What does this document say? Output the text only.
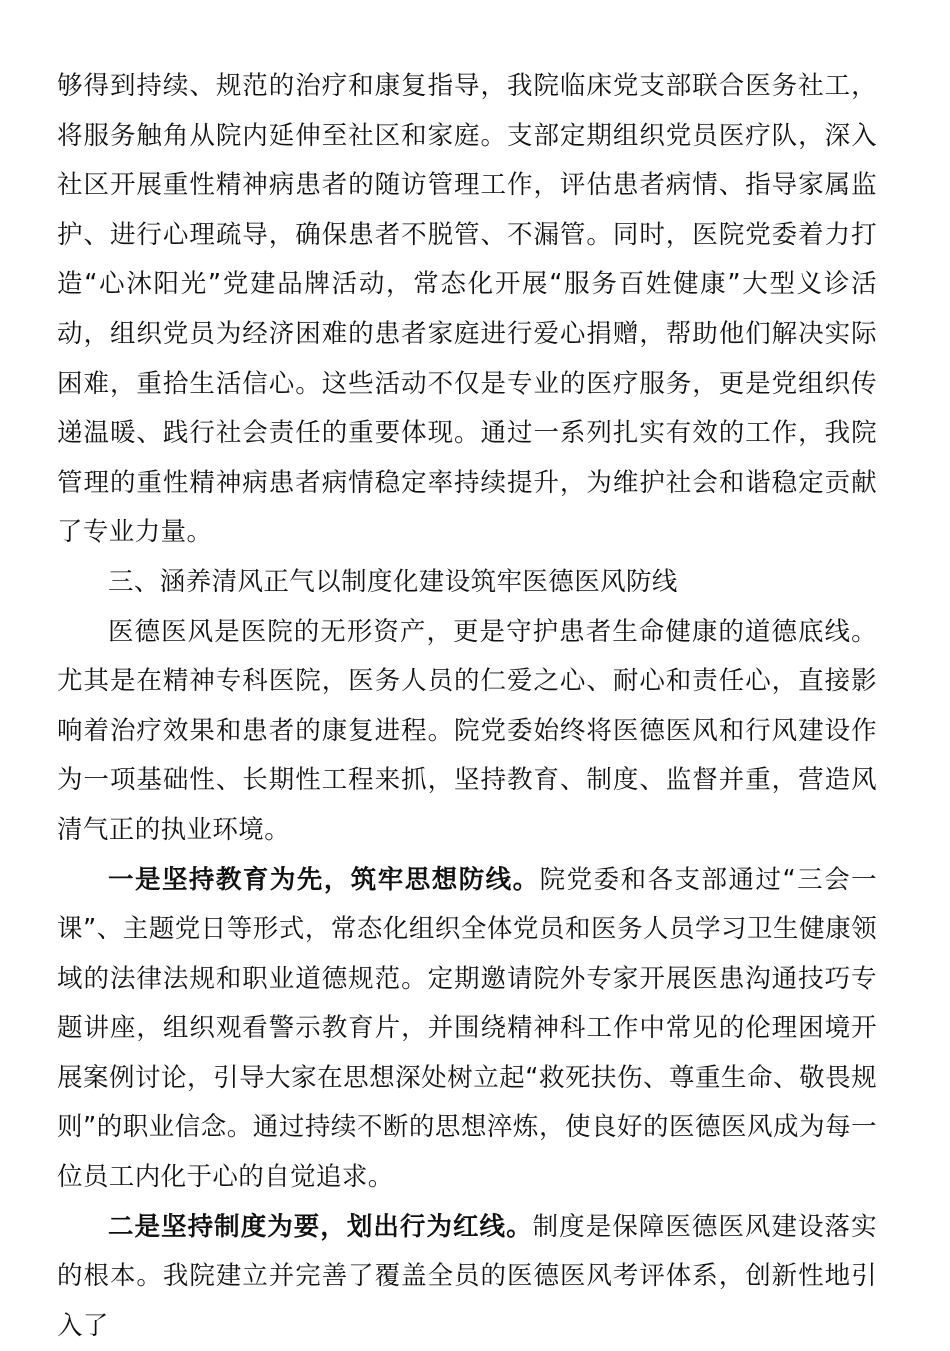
够得到持续、规范的治疗和康复指导，我院临床党支部联合医务社工，将服务触角从院内延伸至社区和家庭。支部定期组织党员医疗队，深入社区开展重性精神病患者的随访管理工作，评估患者病情、指导家属监护、进行心理疏导，确保患者不脱管、不漏管。同时，医院党委着力打造“心沐阳光”党建品牌活动，常态化开展“服务百姓健康”大型义诊活动，组织党员为经济困难的患者家庭进行爱心捐赠，帮助他们解决实际困难，重拾生活信心。这些活动不仅是专业的医疗服务，更是党组织传递温暖、践行社会责任的重要体现。通过一系列扎实有效的工作，我院管理的重性精神病患者病情稳定率持续提升，为维护社会和谐稳定贡献了专业力量。

三、涵养清风正气以制度化建设筑牢医德医风防线

医德医风是医院的无形资产，更是守护患者生命健康的道德底线。尤其是在精神专科医院，医务人员的仁爱之心、耐心和责任心，直接影响着治疗效果和患者的康复进程。院党委始终将医德医风和行风建设作为一项基础性、长期性工程来抓，坚持教育、制度、监督并重，营造风清气正的执业环境。

一是坚持教育为先，筑牢思想防线。院党委和各支部通过“三会一课”、主题党日等形式，常态化组织全体党员和医务人员学习卫生健康领域的法律法规和职业道德规范。定期邀请院外专家开展医患沟通技巧专题讲座，组织观看警示教育片，并围绕精神科工作中常见的伦理困境开展案例讨论，引导大家在思想深处树立起“救死扶伤、尊重生命、敬畏规则”的职业信念。通过持续不断的思想淬炼，使良好的医德医风成为每一位员工内化于心的自觉追求。

二是坚持制度为要，划出行为红线。制度是保障医德医风建设落实的根本。我院建立并完善了覆盖全员的医德医风考评体系，创新性地引入了
